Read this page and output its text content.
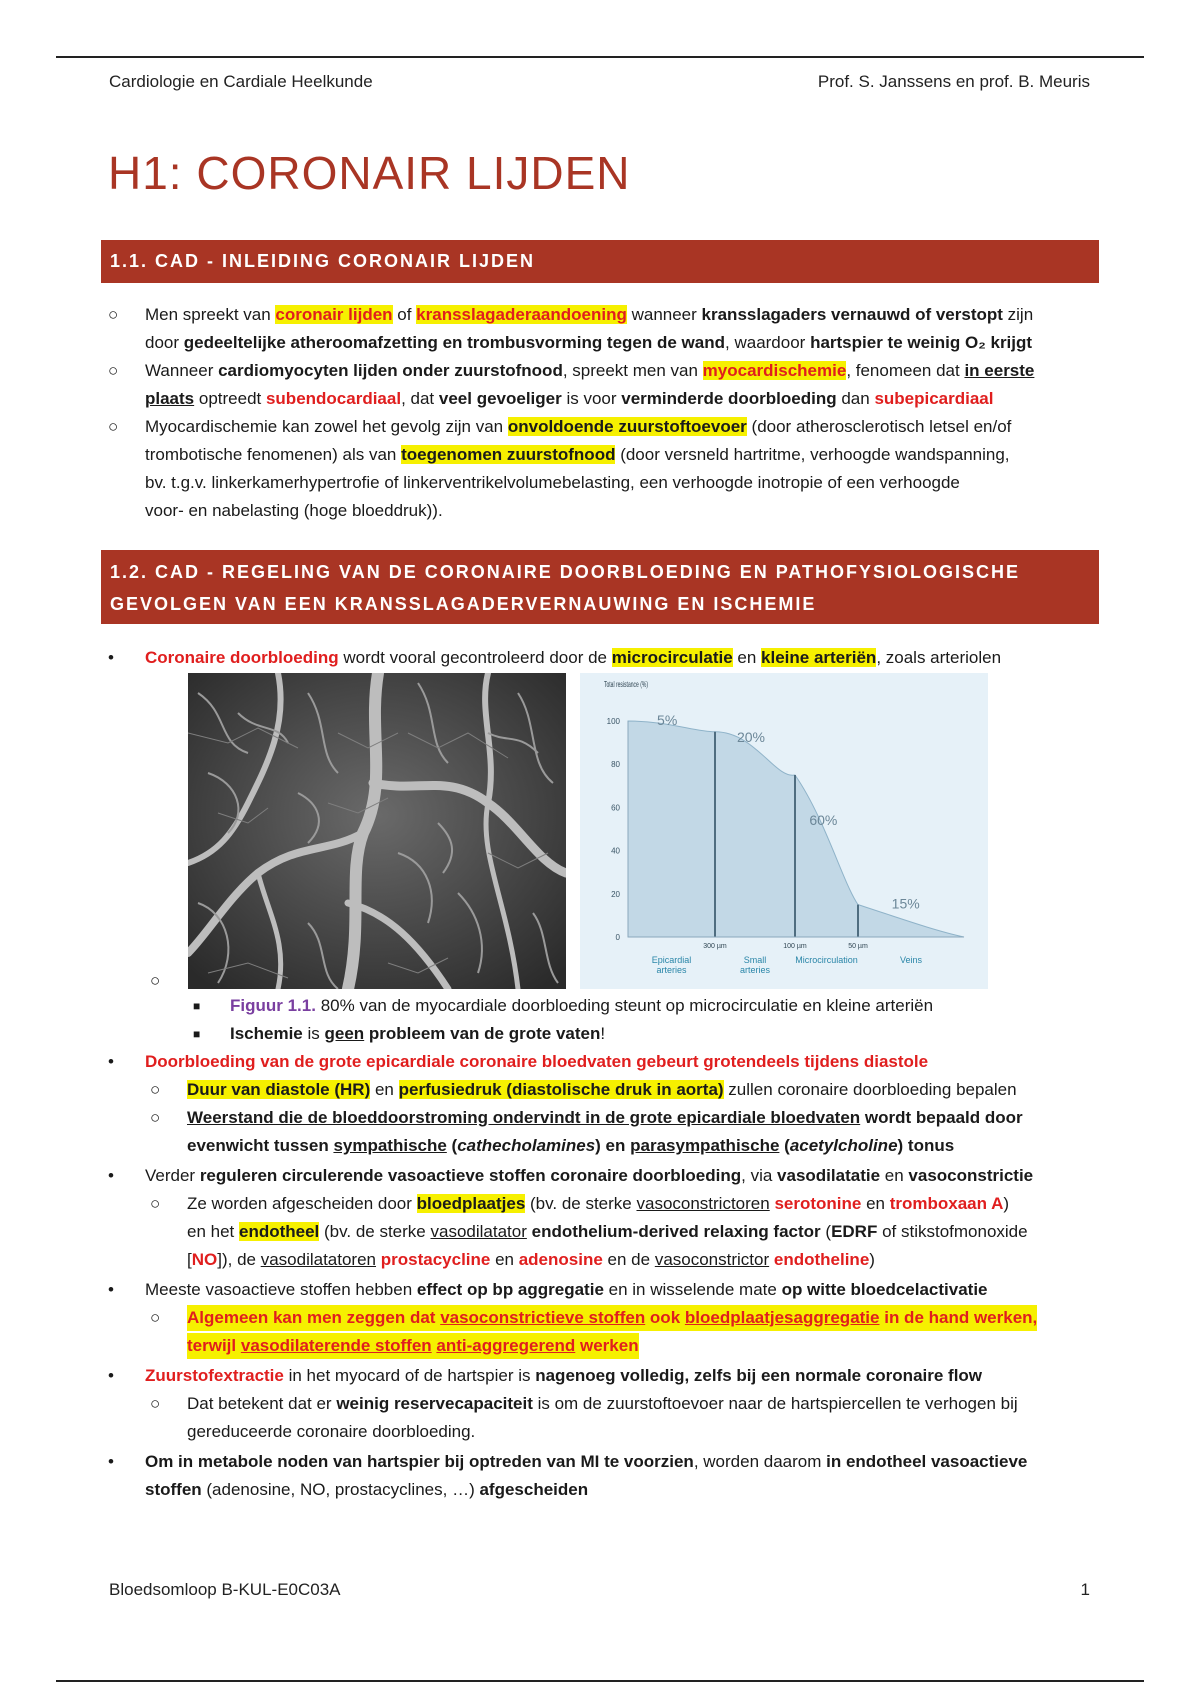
Cardiologie en Cardiale Heelkunde	Prof. S. Janssens en prof. B. Meuris
H1: CORONAIR LIJDEN
1.1. CAD - INLEIDING CORONAIR LIJDEN
○ Men spreekt van coronair lijden of kransslagaderaandoening wanneer kransslagaders vernauwd of verstopt zijn
door gedeeltelijke atheroomafzetting en trombusvorming tegen de wand, waardoor hartspier te weinig O₂ krijgt
○ Wanneer cardiomyocyten lijden onder zuurstofnood, spreekt men van myocardischemie, fenomeen dat in eerste
plaats optreedt subendocardiaal, dat veel gevoeliger is voor verminderde doorbloeding dan subepicardiaal
○ Myocardischemie kan zowel het gevolg zijn van onvoldoende zuurstoftoevoer (door atherosclerotisch letsel en/of
trombotische fenomenen) als van toegenomen zuurstofnood (door versneld hartritme, verhoogde wandspanning,
bv. t.g.v. linkerkamerhypertrofie of linkerventrikelvolumebelasting, een verhoogde inotropie of een verhoogde
voor- en nabelasting (hoge bloeddruk)).
1.2. CAD - REGELING VAN DE CORONAIRE DOORBLOEDING EN PATHOFYSIOLOGISCHE
GEVOLGEN VAN EEN KRANSSLAGADERVERNAUWING EN ISCHEMIE
• Coronaire doorbloeding wordt vooral gecontroleerd door de microcirculatie en kleine arteriën, zoals arteriolen
0
20
40
60
80
100
300 µm	100 µm	50 µm
5%
20%
60%
15%
Epicardial arteries
Small arteries
Microcirculation	Veins
Total resistance (%)
○
■ Figuur 1.1. 80% van de myocardiale doorbloeding steunt op microcirculatie en kleine arteriën
■ Ischemie is geen probleem van de grote vaten!
• Doorbloeding van de grote epicardiale coronaire bloedvaten gebeurt grotendeels tijdens diastole
○ Duur van diastole (HR) en perfusiedruk (diastolische druk in aorta) zullen coronaire doorbloeding bepalen
○ Weerstand die de bloeddoorstroming ondervindt in de grote epicardiale bloedvaten wordt bepaald door
evenwicht tussen sympathische (cathecholamines) en parasympathische (acetylcholine) tonus
• Verder reguleren circulerende vasoactieve stoffen coronaire doorbloeding, via vasodilatatie en vasoconstrictie
○ Ze worden afgescheiden door bloedplaatjes (bv. de sterke vasoconstrictoren serotonine en tromboxaan A)
en het endotheel (bv. de sterke vasodilatator endothelium-derived relaxing factor (EDRF of stikstofmonoxide
[NO]), de vasodilatatoren prostacycline en adenosine en de vasoconstrictor endotheline)
• Meeste vasoactieve stoffen hebben effect op bp aggregatie en in wisselende mate op witte bloedcelactivatie
○ Algemeen kan men zeggen dat vasoconstrictieve stoffen ook bloedplaatjesaggregatie in de hand werken,
terwijl vasodilaterende stoffen anti-aggregerend werken
• Zuurstofextractie in het myocard of de hartspier is nagenoeg volledig, zelfs bij een normale coronaire flow
○ Dat betekent dat er weinig reservecapaciteit is om de zuurstoftoevoer naar de hartspiercellen te verhogen bij
gereduceerde coronaire doorbloeding.
• Om in metabole noden van hartspier bij optreden van MI te voorzien, worden daarom in endotheel vasoactieve
stoffen (adenosine, NO, prostacyclines, …) afgescheiden
Bloedsomloop B-KUL-E0C03A	1
